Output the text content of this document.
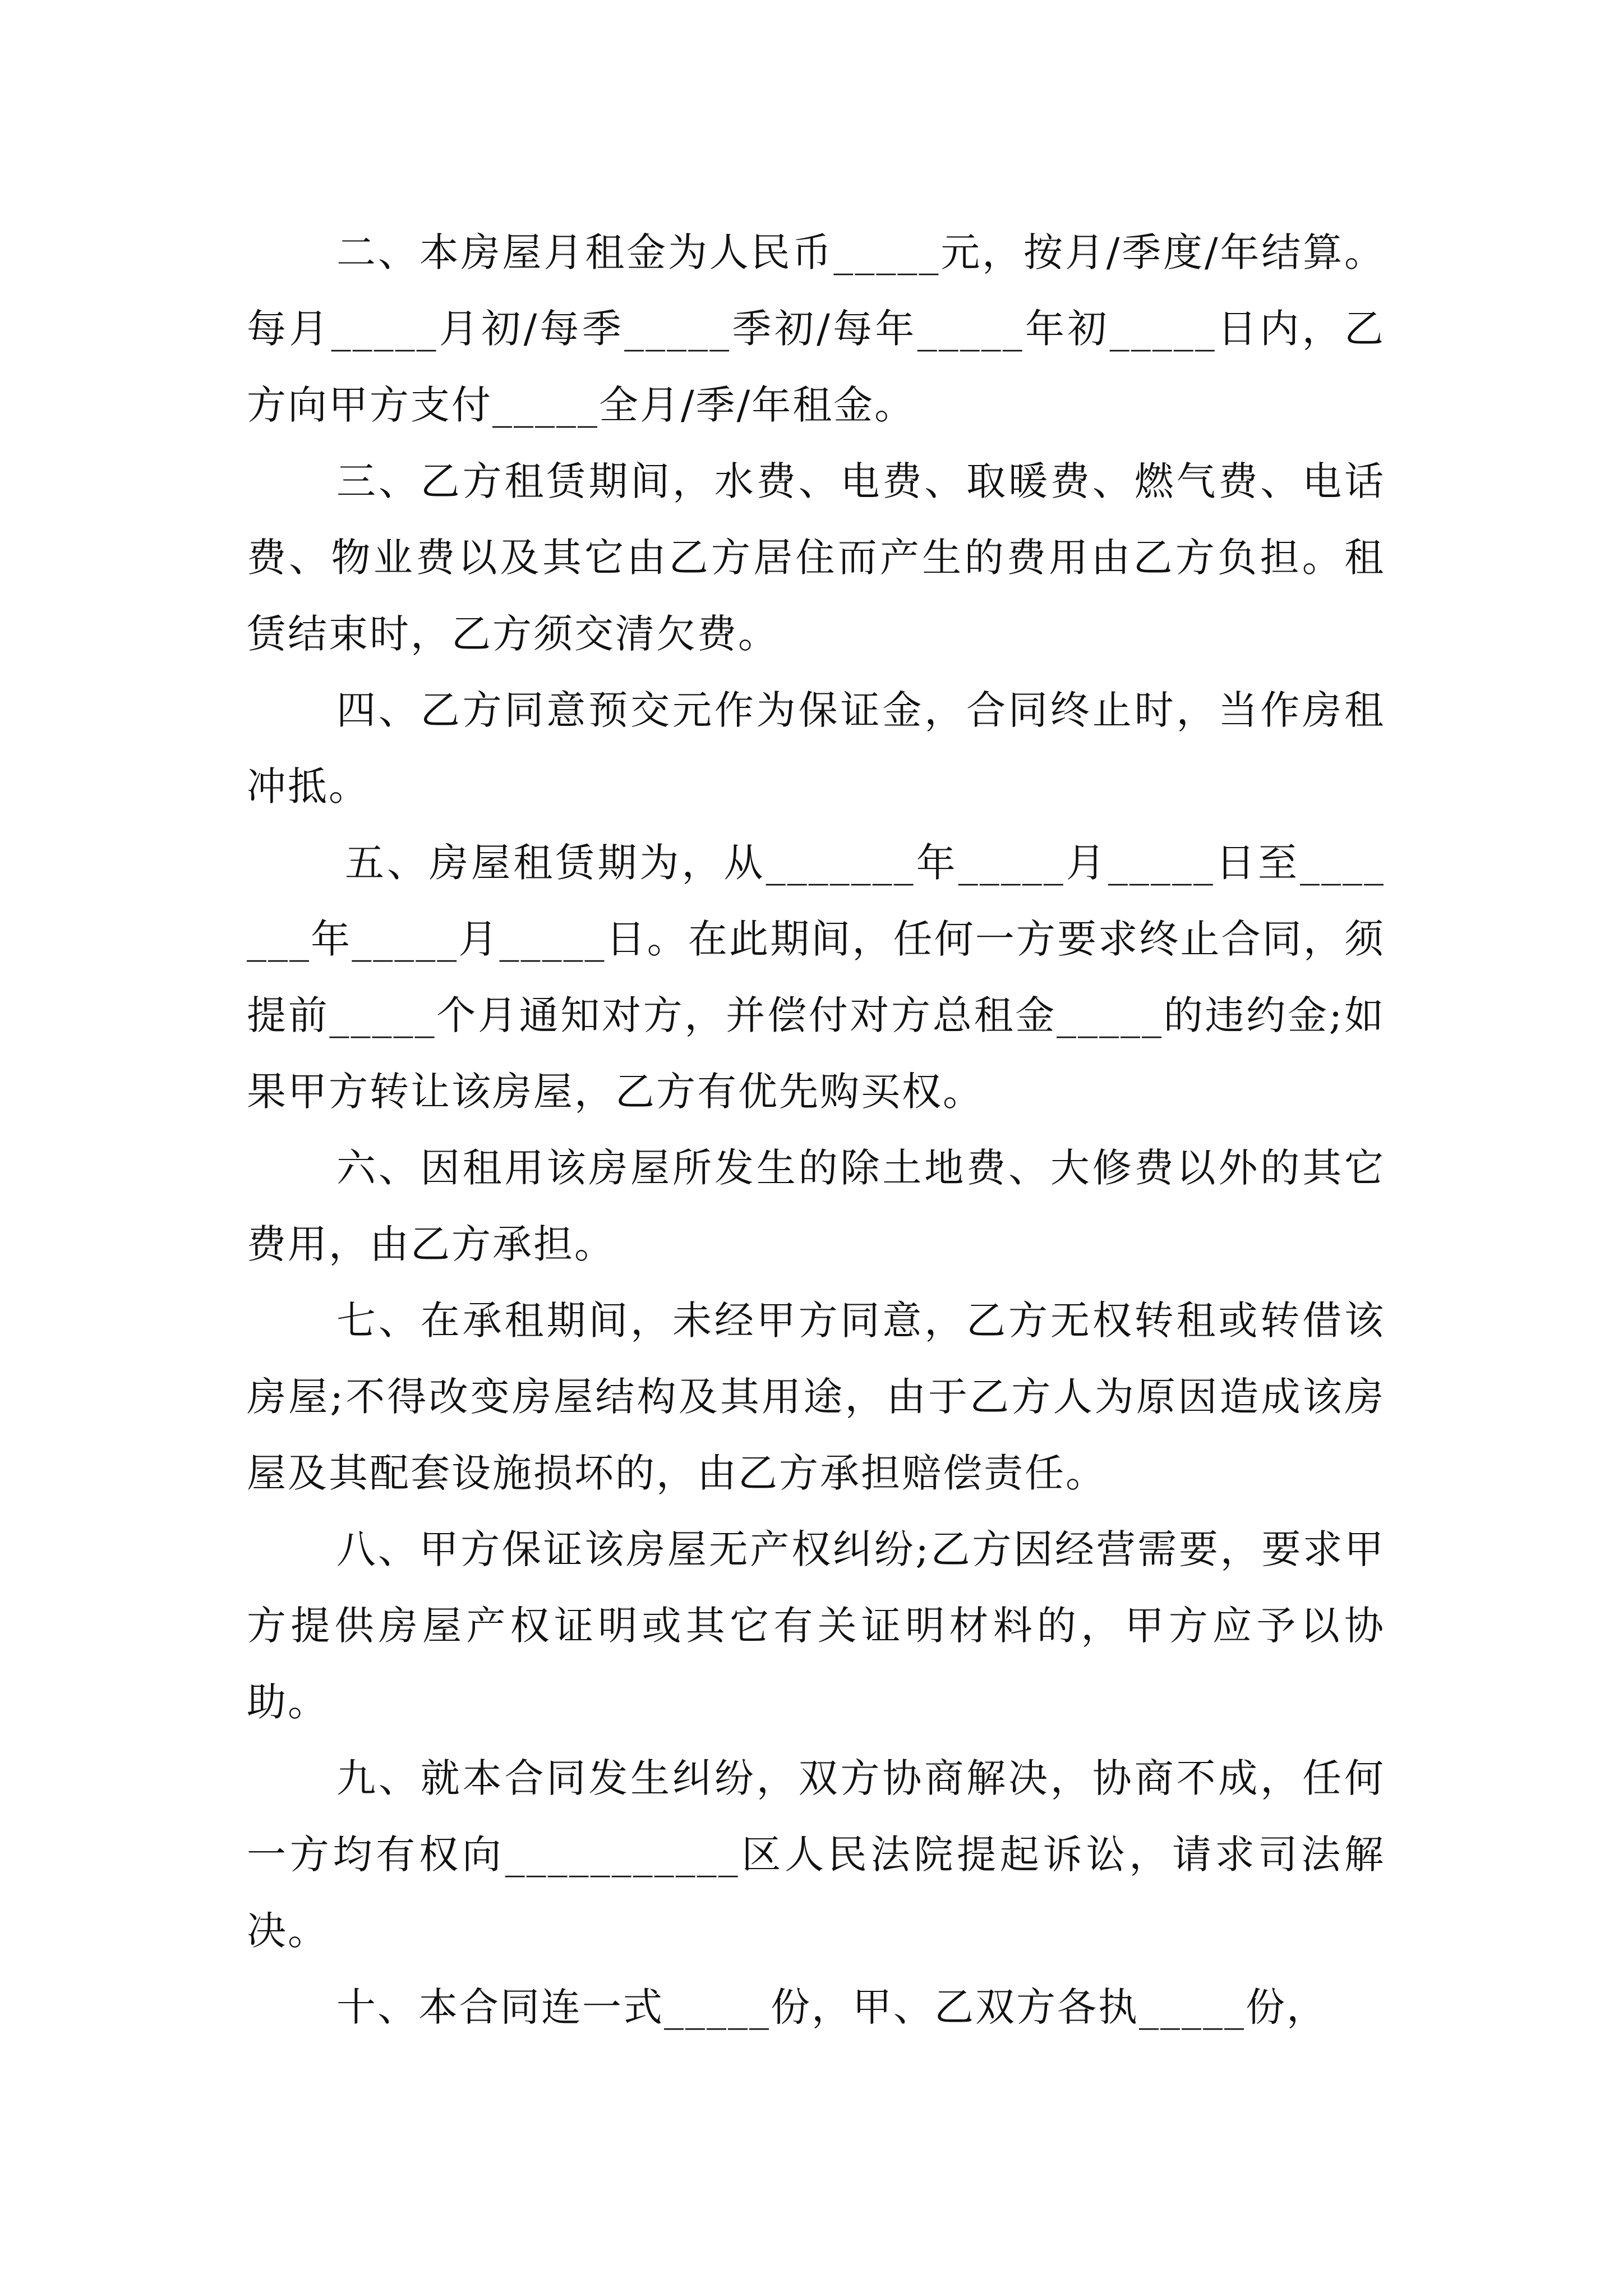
二、本房屋月租金为人民币_____元，按月/季度/年结算。每月_____月初/每季_____季初/每年_____年初_____日内，乙方向甲方支付_____全月/季/年租金。

三、乙方租赁期间，水费、电费、取暖费、燃气费、电话费、物业费以及其它由乙方居住而产生的费用由乙方负担。租赁结束时，乙方须交清欠费。

四、乙方同意预交元作为保证金，合同终止时，当作房租冲抵。

五、房屋租赁期为，从_______年_____月_____日至_______年_____月_____日。在此期间，任何一方要求终止合同，须提前_____个月通知对方，并偿付对方总租金_____的违约金;如果甲方转让该房屋，乙方有优先购买权。

六、因租用该房屋所发生的除土地费、大修费以外的其它费用，由乙方承担。

七、在承租期间，未经甲方同意，乙方无权转租或转借该房屋;不得改变房屋结构及其用途，由于乙方人为原因造成该房屋及其配套设施损坏的，由乙方承担赔偿责任。

八、甲方保证该房屋无产权纠纷;乙方因经营需要，要求甲方提供房屋产权证明或其它有关证明材料的，甲方应予以协助。

九、就本合同发生纠纷，双方协商解决，协商不成，任何一方均有权向___________区人民法院提起诉讼，请求司法解决。

十、本合同连一式_____份，甲、乙双方各执_____份，
